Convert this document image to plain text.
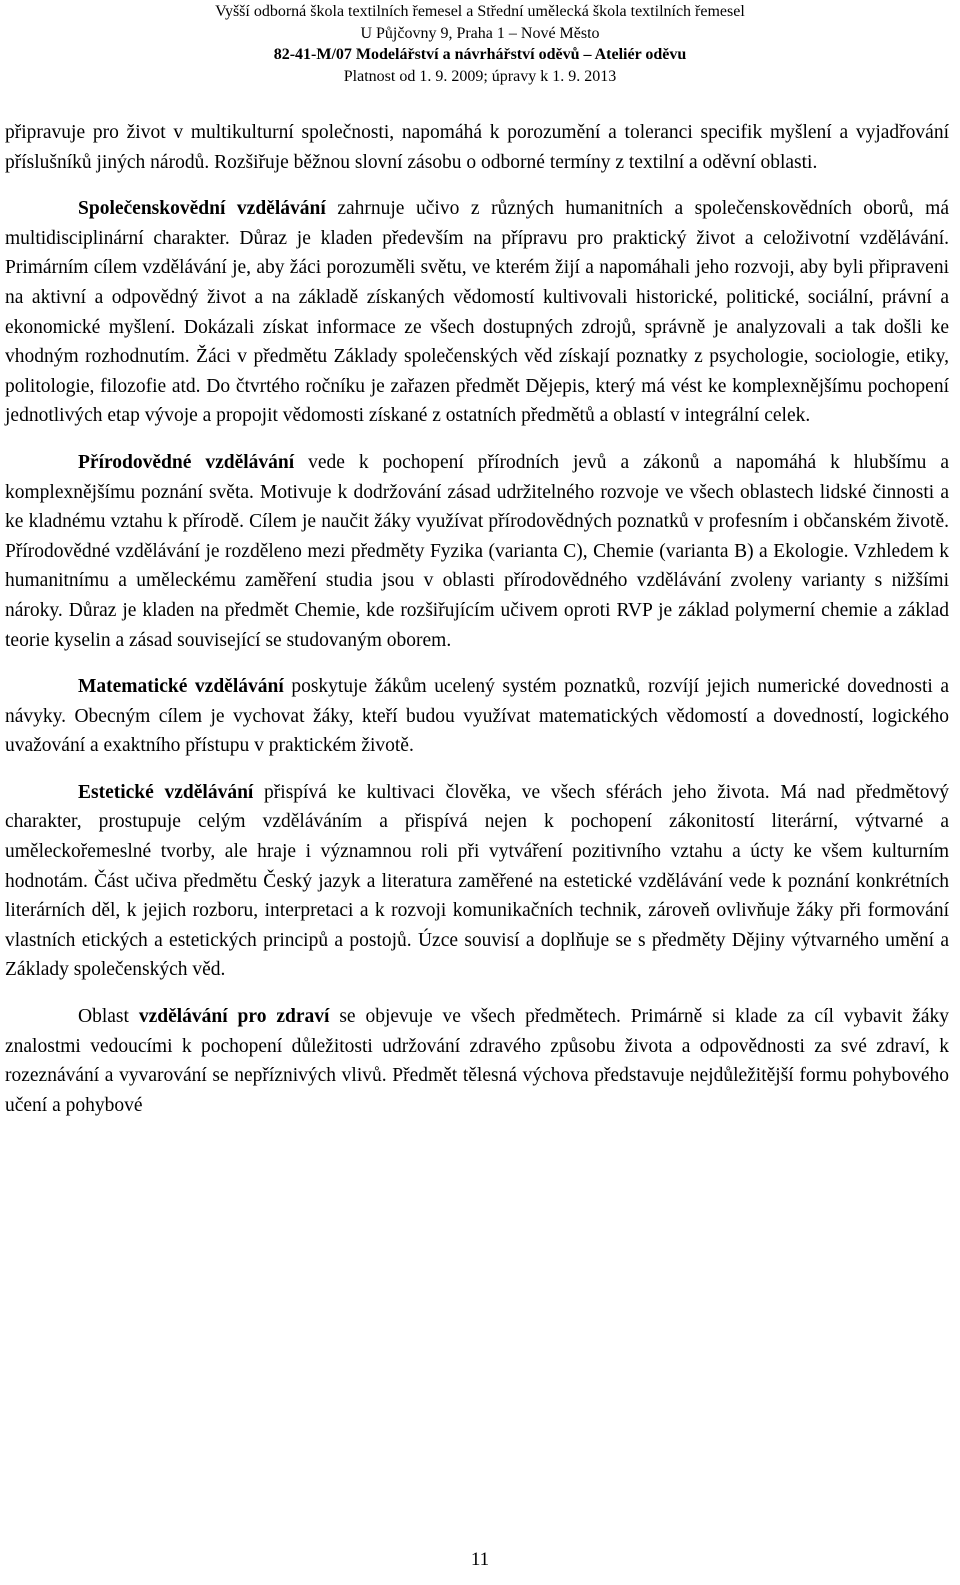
Vyšší odborná škola textilních řemesel a Střední umělecká škola textilních řemesel
U Půjčovny 9, Praha 1 – Nové Město
82-41-M/07 Modelářství a návrhářství oděvů – Ateliér oděvu
Platnost od 1. 9. 2009; úpravy k 1. 9. 2013

připravuje pro život v multikulturní společnosti, napomáhá k porozumění a toleranci specifik myšlení a vyjadřování příslušníků jiných národů. Rozšiřuje běžnou slovní zásobu o odborné termíny z textilní a oděvní oblasti.

Společenskovědní vzdělávání zahrnuje učivo z různých humanitních a společenskovědních oborů, má multidisciplinární charakter. Důraz je kladen především na přípravu pro praktický život a celoživotní vzdělávání. Primárním cílem vzdělávání je, aby žáci porozuměli světu, ve kterém žijí a napomáhali jeho rozvoji, aby byli připraveni na aktivní a odpovědný život a na základě získaných vědomostí kultivovali historické, politické, sociální, právní a ekonomické myšlení. Dokázali získat informace ze všech dostupných zdrojů, správně je analyzovali a tak došli ke vhodným rozhodnutím. Žáci v předmětu Základy společenských věd získají poznatky z psychologie, sociologie, etiky, politologie, filozofie atd. Do čtvrtého ročníku je zařazen předmět Dějepis, který má vést ke komplexnějšímu pochopení jednotlivých etap vývoje a propojit vědomosti získané z ostatních předmětů a oblastí v integrální celek.

Přírodovědné vzdělávání vede k pochopení přírodních jevů a zákonů a napomáhá k hlubšímu a komplexnějšímu poznání světa. Motivuje k dodržování zásad udržitelného rozvoje ve všech oblastech lidské činnosti a ke kladnému vztahu k přírodě. Cílem je naučit žáky využívat přírodovědných poznatků v profesním i občanském životě. Přírodovědné vzdělávání je rozděleno mezi předměty Fyzika (varianta C), Chemie (varianta B) a Ekologie. Vzhledem k humanitnímu a uměleckému zaměření studia jsou v oblasti přírodovědného vzdělávání zvoleny varianty s nižšími nároky. Důraz je kladen na předmět Chemie, kde rozšiřujícím učivem oproti RVP je základ polymerní chemie a základ teorie kyselin a zásad související se studovaným oborem.

Matematické vzdělávání poskytuje žákům ucelený systém poznatků, rozvíjí jejich numerické dovednosti a návyky. Obecným cílem je vychovat žáky, kteří budou využívat matematických vědomostí a dovedností, logického uvažování a exaktního přístupu v praktickém životě.

Estetické vzdělávání přispívá ke kultivaci člověka, ve všech sférách jeho života. Má nad předmětový charakter, prostupuje celým vzděláváním a přispívá nejen k pochopení zákonitostí literární, výtvarné a uměleckořemeslné tvorby, ale hraje i významnou roli při vytváření pozitivního vztahu a úcty ke všem kulturním hodnotám. Část učiva předmětu Český jazyk a literatura zaměřené na estetické vzdělávání vede k poznání konkrétních literárních děl, k jejich rozboru, interpretaci a k rozvoji komunikačních technik, zároveň ovlivňuje žáky při formování vlastních etických a estetických principů a postojů. Úzce souvisí a doplňuje se s předměty Dějiny výtvarného umění a Základy společenských věd.

Oblast vzdělávání pro zdraví se objevuje ve všech předmětech. Primárně si klade za cíl vybavit žáky znalostmi vedoucími k pochopení důležitosti udržování zdravého způsobu života a odpovědnosti za své zdraví, k rozeznávání a vyvarování se nepříznivých vlivů. Předmět tělesná výchova představuje nejdůležitější formu pohybového učení a pohybové

11
